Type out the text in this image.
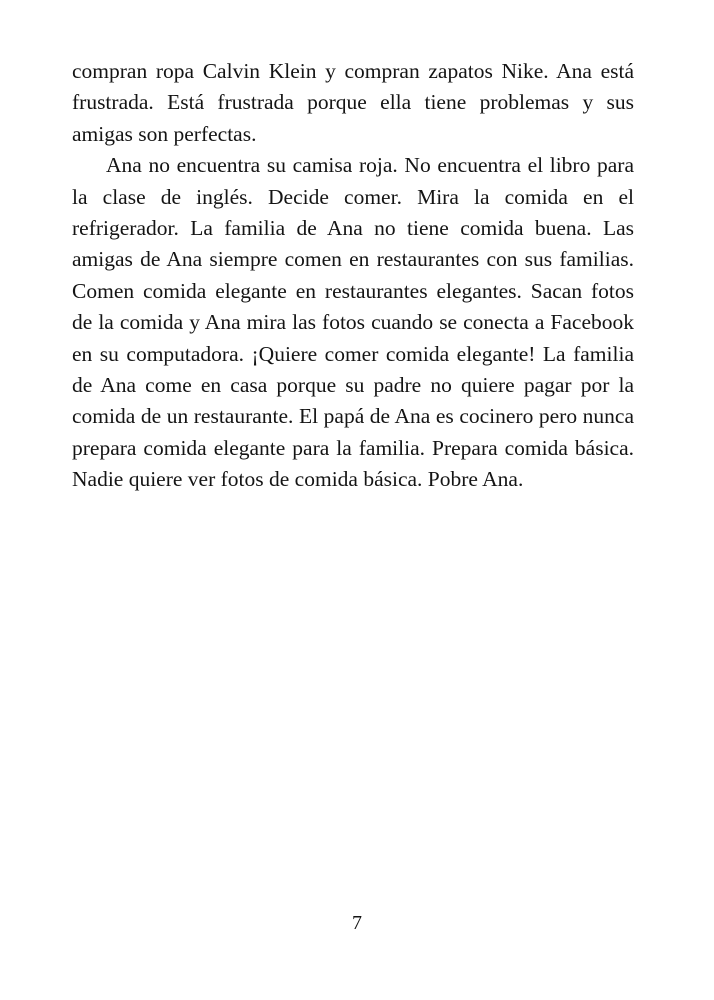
compran ropa Calvin Klein y compran zapatos Nike. Ana está frustrada. Está frustrada porque ella tiene problemas y sus amigas son perfectas.

Ana no encuentra su camisa roja. No encuentra el libro para la clase de inglés. Decide comer. Mira la comida en el refrigerador. La familia de Ana no tiene comida buena. Las amigas de Ana siempre comen en restaurantes con sus familias. Comen comida elegante en restaurantes elegantes. Sacan fotos de la comida y Ana mira las fotos cuando se conecta a Facebook en su computadora. ¡Quiere comer comida elegante! La familia de Ana come en casa porque su padre no quiere pagar por la comida de un restaurante. El papá de Ana es cocinero pero nunca prepara comida elegante para la familia. Prepara comida básica. Nadie quiere ver fotos de comida básica. Pobre Ana.

7
